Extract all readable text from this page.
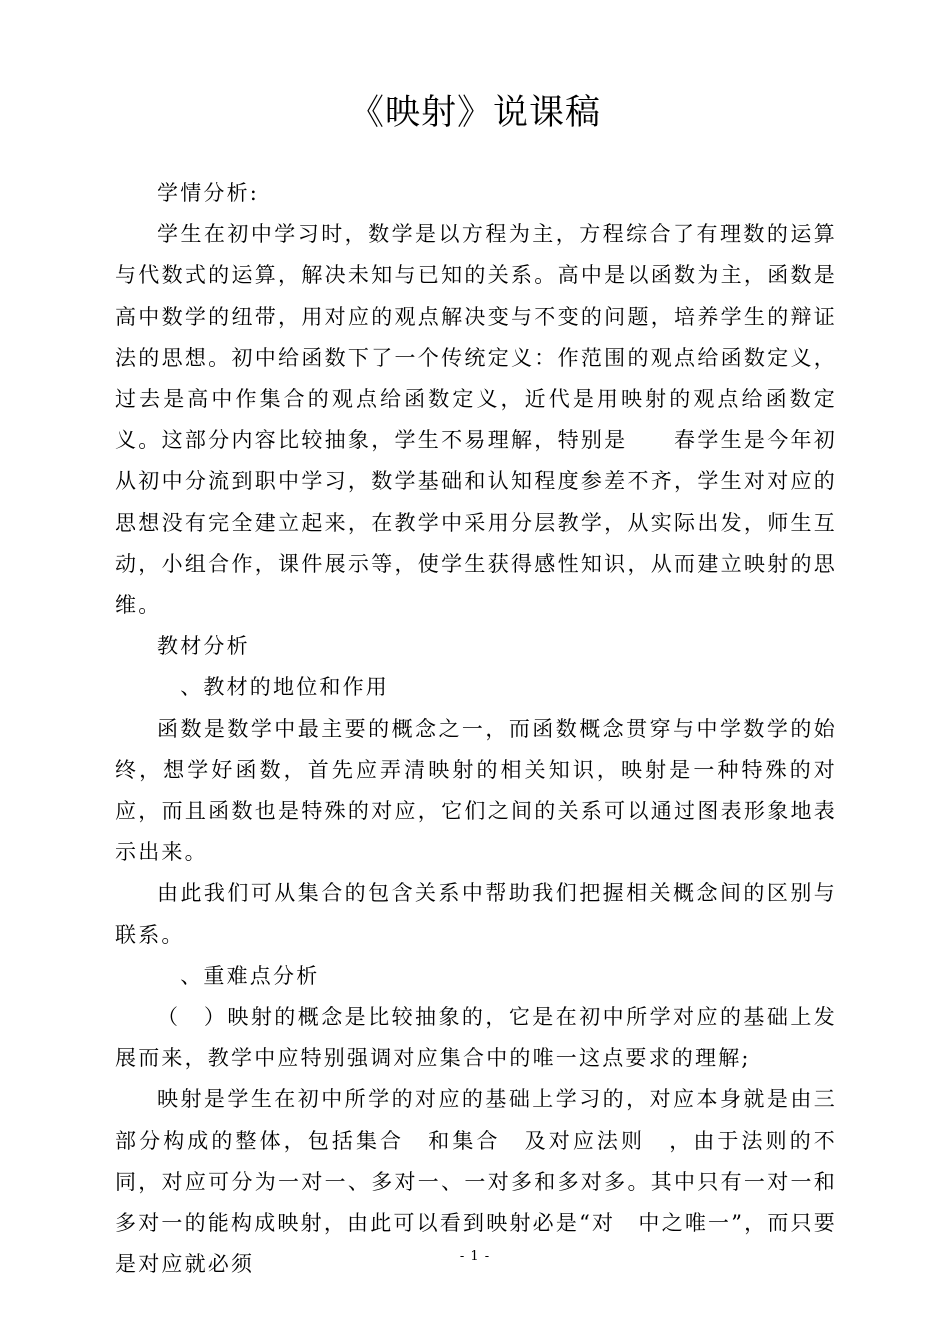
《映射》说课稿

学情分析:

学生在初中学习时，数学是以方程为主，方程综合了有理数的运算与代数式的运算，解决未知与已知的关系。高中是以函数为主，函数是高中数学的纽带，用对应的观点解决变与不变的问题，培养学生的辩证法的思想。初中给函数下了一个传统定义：作范围的观点给函数定义，过去是高中作集合的观点给函数定义，近代是用映射的观点给函数定义。这部分内容比较抽象，学生不易理解，特别是　　春学生是今年初从初中分流到职中学习，数学基础和认知程度参差不齐，学生对对应的思想没有完全建立起来，在教学中采用分层教学，从实际出发，师生互动，小组合作，课件展示等，使学生获得感性知识，从而建立映射的思维。

教材分析

　、教材的地位和作用

函数是数学中最主要的概念之一，而函数概念贯穿与中学数学的始终，想学好函数，首先应弄清映射的相关知识，映射是一种特殊的对应，而且函数也是特殊的对应，它们之间的关系可以通过图表形象地表示出来。

由此我们可从集合的包含关系中帮助我们把握相关概念间的区别与联系。

　、重难点分析

（　）映射的概念是比较抽象的，它是在初中所学对应的基础上发展而来，教学中应特别强调对应集合中的唯一这点要求的理解;

映射是学生在初中所学的对应的基础上学习的，对应本身就是由三部分构成的整体，包括集合　和集合　及对应法则　，由于法则的不同，对应可分为一对一、多对一、一对多和多对多。其中只有一对一和多对一的能构成映射，由此可以看到映射必是“对　中之唯一”，而只要是对应就必须	- 1 -
